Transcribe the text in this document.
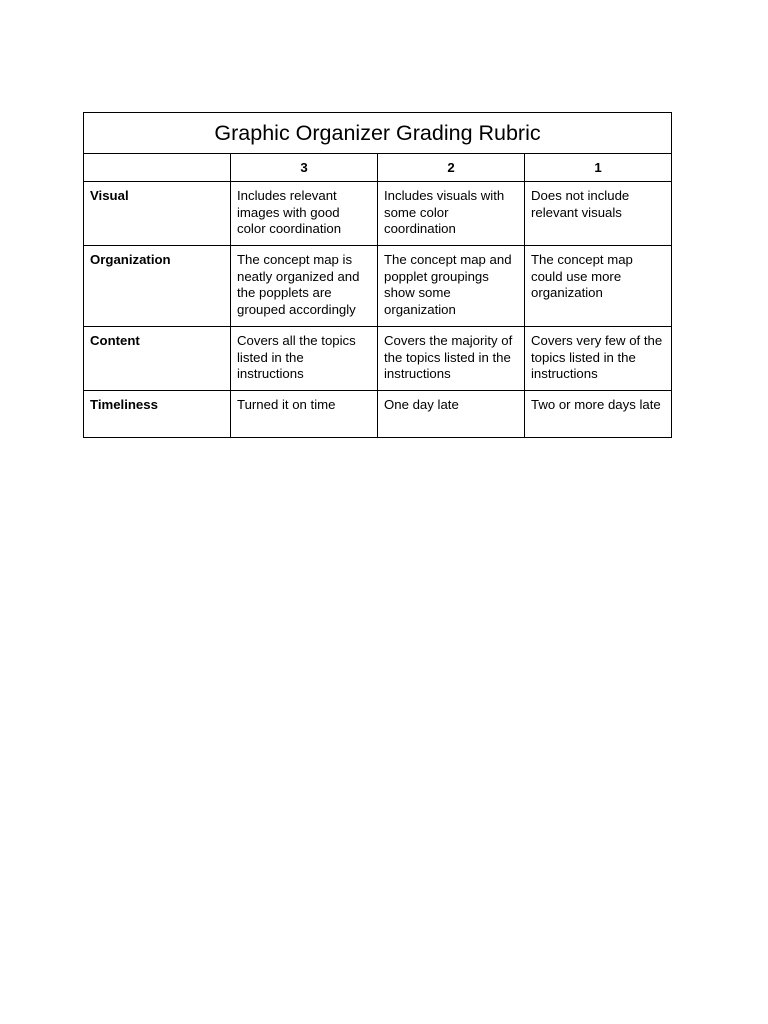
Graphic Organizer Grading Rubric			
	3	2	1
Visual	Includes relevant images with good color coordination	Includes visuals with some color coordination	Does not include relevant visuals
Organization	The concept map is neatly organized and the popplets are grouped accordingly	The concept map and popplet groupings show some organization	The concept map could use more organization
Content	Covers all the topics listed in the instructions	Covers the majority of the topics listed in the instructions	Covers very few of the topics listed in the instructions
Timeliness	Turned it on time	One day late	Two or more days late
